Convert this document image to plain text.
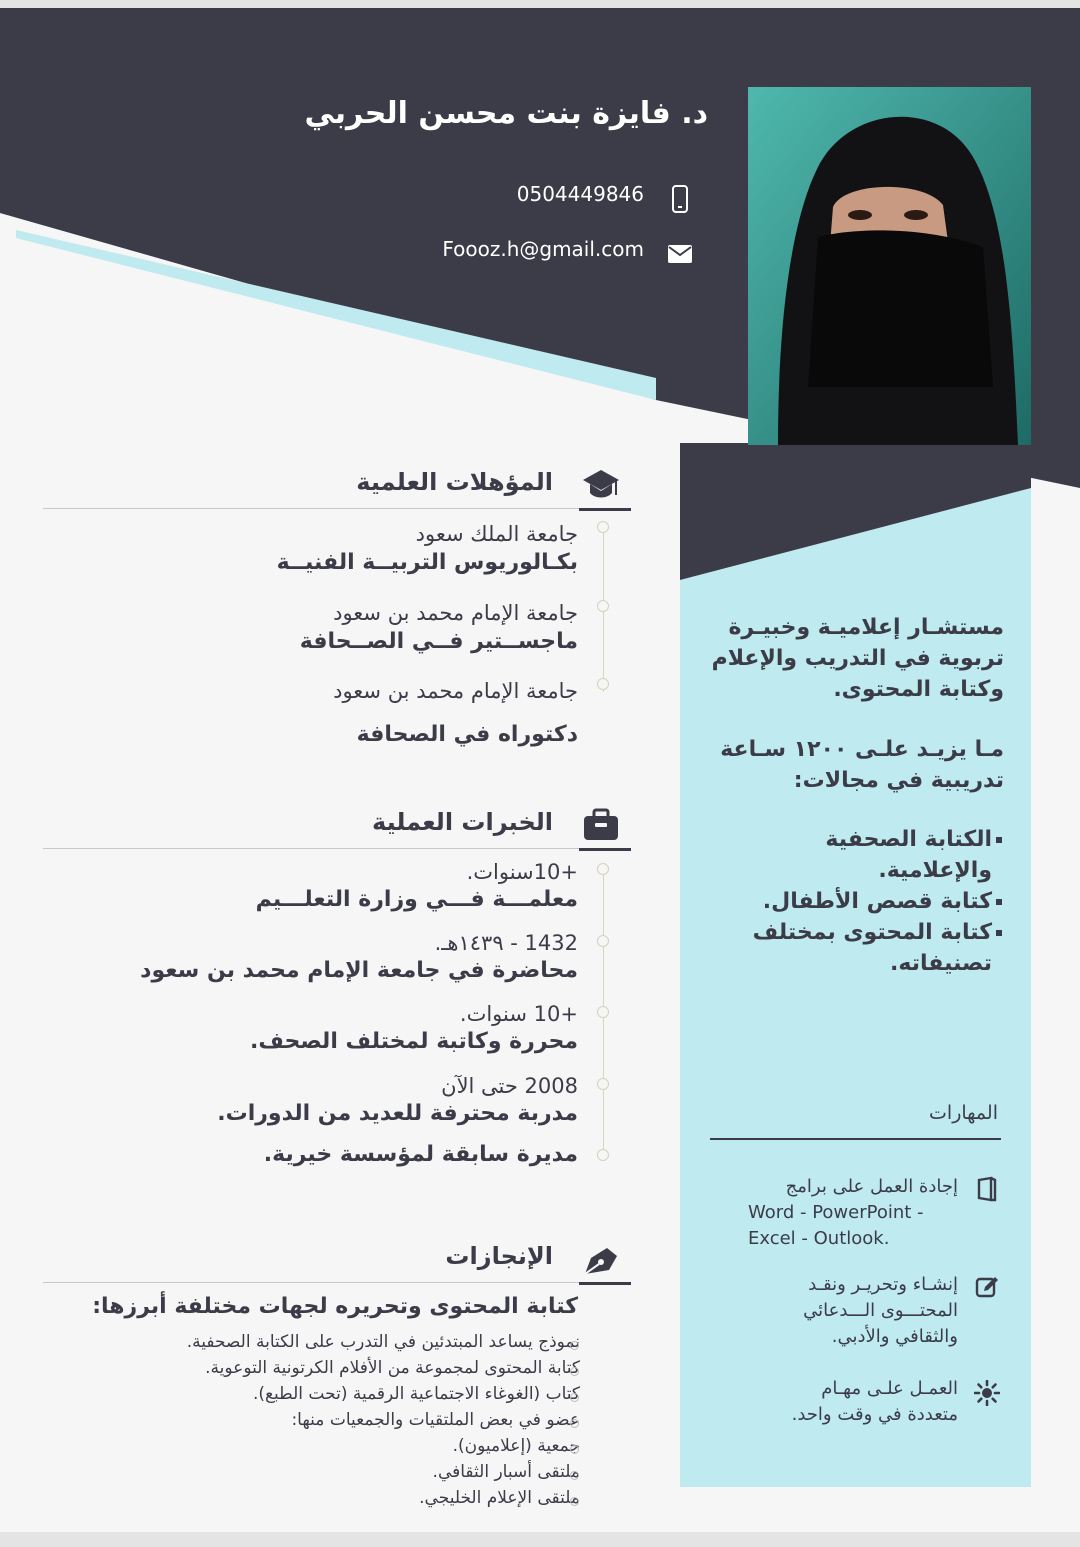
د. فايزة بنت محسن الحربي
0504449846
Foooz.h@gmail.com
المؤهلات العلمية
جامعة الملك سعود
بكـالوريوس التربيــة الفنيــة
جامعة الإمام محمد بن سعود
ماجســتير فــي الصــحافة
جامعة الإمام محمد بن سعود
دكتوراه في الصحافة
الخبرات العملية
+10سنوات.
معلمـــة فـــي وزارة التعلـــيم
1432 - ١٤٣٩هـ.
محاضرة في جامعة الإمام محمد بن سعود
+10 سنوات.
محررة وكاتبة لمختلف الصحف.
2008 حتى الآن
مدربة محترفة للعديد من الدورات.
مديرة سابقة لمؤسسة خيرية.
الإنجازات
كتابة المحتوى وتحريره لجهات مختلفة أبرزها:
نموذج يساعد المبتدئين في التدرب على الكتابة الصحفية.
كتابة المحتوى لمجموعة من الأفلام الكرتونية التوعوية.
كتاب (الغوغاء الاجتماعية الرقمية (تحت الطبع).
عضو في بعض الملتقيات والجمعيات منها:
جمعية (إعلاميون).
ملتقى أسبار الثقافي.
ملتقى الإعلام الخليجي.
مستشـار إعلاميـة وخبيـرة
تربوية في التدريب والإعلام
وكتابة المحتوى.
مـا يزيـد علـى ١٢٠٠ سـاعة
تدريبية في مجالات:
الكتابة الصحفية
والإعلامية.
كتابة قصص الأطفال.
كتابة المحتوى بمختلف
تصنيفاته.
المهارات
إجادة العمل على برامج
Word - PowerPoint -
Excel - Outlook.
إنشـاء وتحريـر ونقـد
المحتـــوى الـــدعائي
والثقافي والأدبي.
العمـل علـى مهـام
متعددة في وقت واحد.
